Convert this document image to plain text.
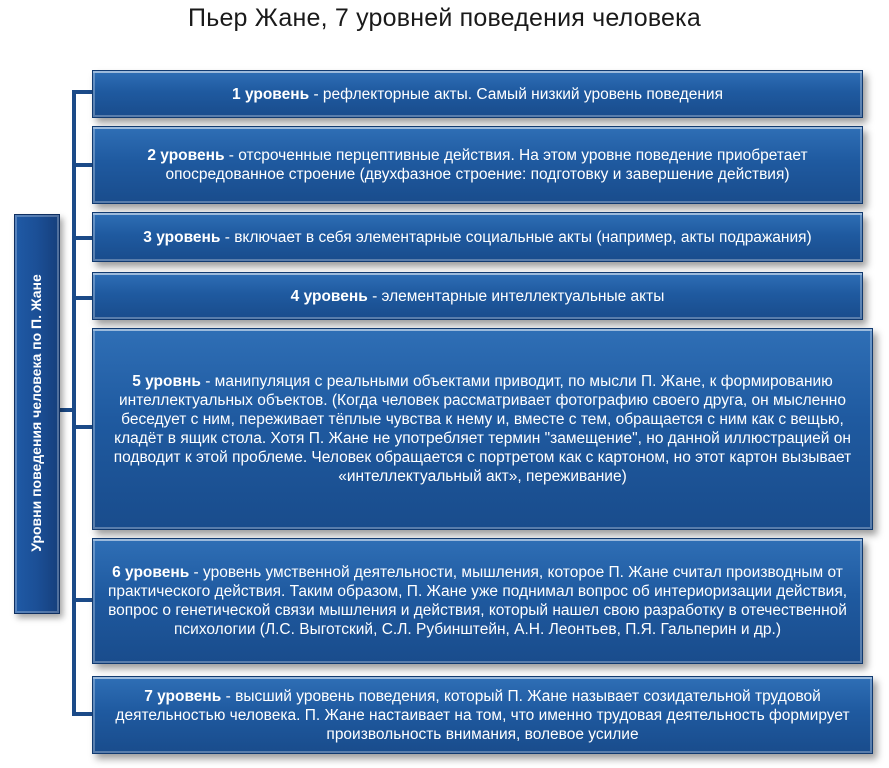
Пьер Жане, 7 уровней поведения человека
Уровни поведения человека по П. Жане
1 уровень - рефлекторные акты. Самый низкий уровень поведения
2 уровень - отсроченные перцептивные действия. На этом уровне поведение приобретает опосредованное строение (двухфазное строение: подготовку и завершение действия)
3 уровень - включает в себя элементарные социальные акты (например, акты подражания)
4 уровень - элементарные интеллектуальные акты
5 уровнь - манипуляция с реальными объектами приводит, по мысли П. Жане, к формированию интеллектуальных объектов. (Когда человек рассматривает фотографию своего друга, он мысленно беседует с ним, переживает тёплые чувства к нему и, вместе с тем, обращается с ним как с вещью, кладёт в ящик стола. Хотя П. Жане не употребляет термин "замещение", но данной иллюстрацией он подводит к этой проблеме. Человек обращается с портретом как с картоном, но этот картон вызывает «интеллектуальный акт», переживание)
6 уровень - уровень умственной деятельности, мышления, которое П. Жане считал производным от практического действия. Таким образом, П. Жане уже поднимал вопрос об интериоризации действия, вопрос о генетической связи мышления и действия, который нашел свою разработку в отечественной психологии (Л.С. Выготский, С.Л. Рубинштейн, А.Н. Леонтьев, П.Я. Гальперин и др.)
7 уровень - высший уровень поведения, который П. Жане называет созидательной трудовой деятельностью человека. П. Жане настаивает на том, что именно трудовая деятельность формирует произвольность внимания, волевое усилие
